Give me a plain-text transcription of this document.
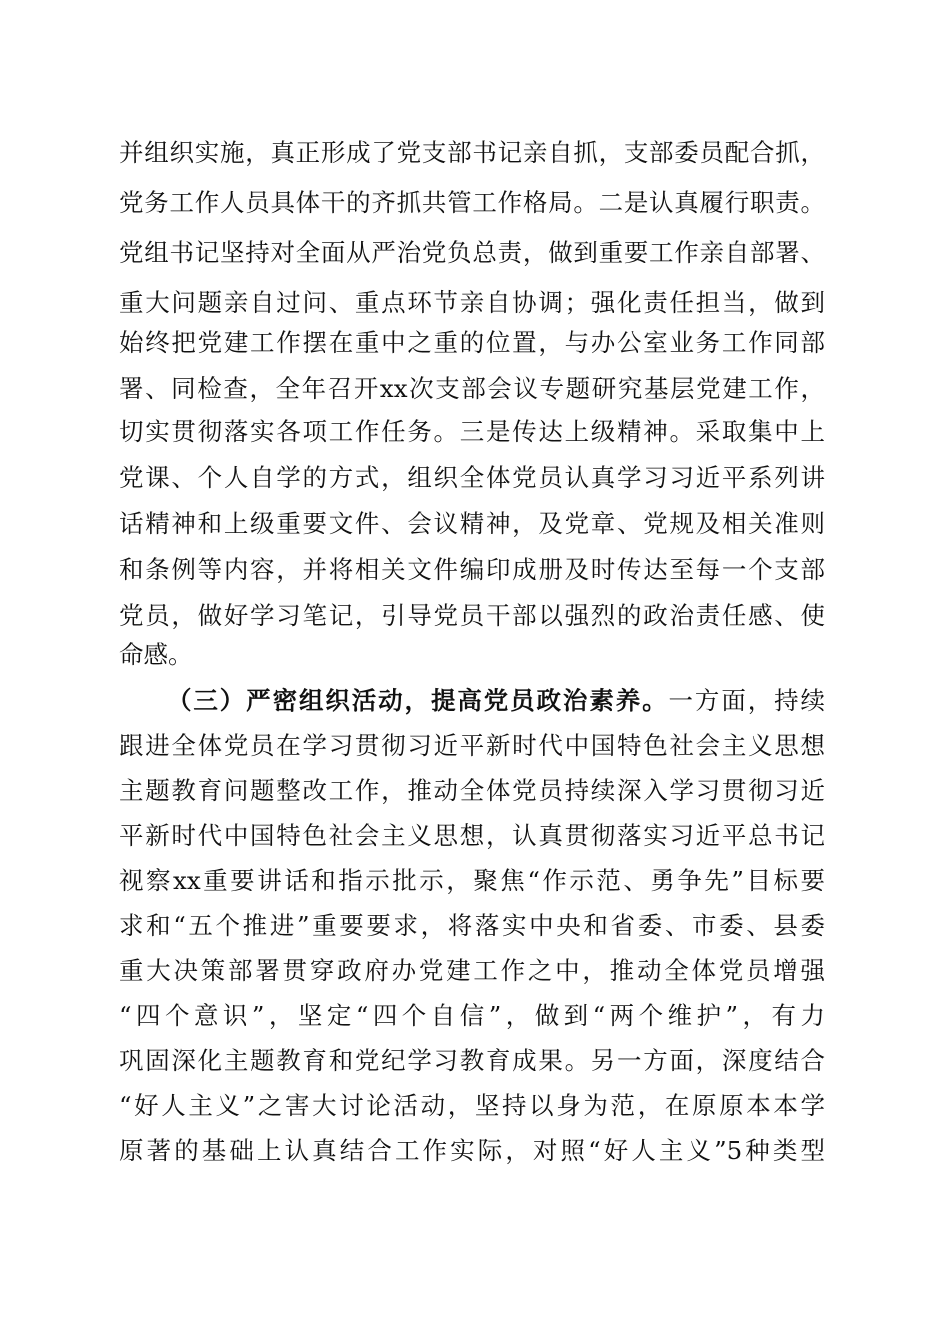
并组织实施，真正形成了党支部书记亲自抓，支部委员配合抓，
党务工作人员具体干的齐抓共管工作格局。二是认真履行职责。
党组书记坚持对全面从严治党负总责，做到重要工作亲自部署、
重大问题亲自过问、重点环节亲自协调；强化责任担当，做到
始终把党建工作摆在重中之重的位置，与办公室业务工作同部
署、同检查，全年召开xx次支部会议专题研究基层党建工作，
切实贯彻落实各项工作任务。三是传达上级精神。采取集中上
党课、个人自学的方式，组织全体党员认真学习习近平系列讲
话精神和上级重要文件、会议精神，及党章、党规及相关准则
和条例等内容，并将相关文件编印成册及时传达至每一个支部
党员，做好学习笔记，引导党员干部以强烈的政治责任感、使
命感。
（三）严密组织活动，提高党员政治素养。一方面，持续
跟进全体党员在学习贯彻习近平新时代中国特色社会主义思想
主题教育问题整改工作，推动全体党员持续深入学习贯彻习近
平新时代中国特色社会主义思想，认真贯彻落实习近平总书记
视察xx重要讲话和指示批示，聚焦“作示范、勇争先”目标要
求和“五个推进”重要要求，将落实中央和省委、市委、县委
重大决策部署贯穿政府办党建工作之中，推动全体党员增强
“四个意识”，坚定“四个自信”，做到“两个维护”，有力
巩固深化主题教育和党纪学习教育成果。另一方面，深度结合
“好人主义”之害大讨论活动，坚持以身为范，在原原本本学
原著的基础上认真结合工作实际，对照“好人主义”5种类型
